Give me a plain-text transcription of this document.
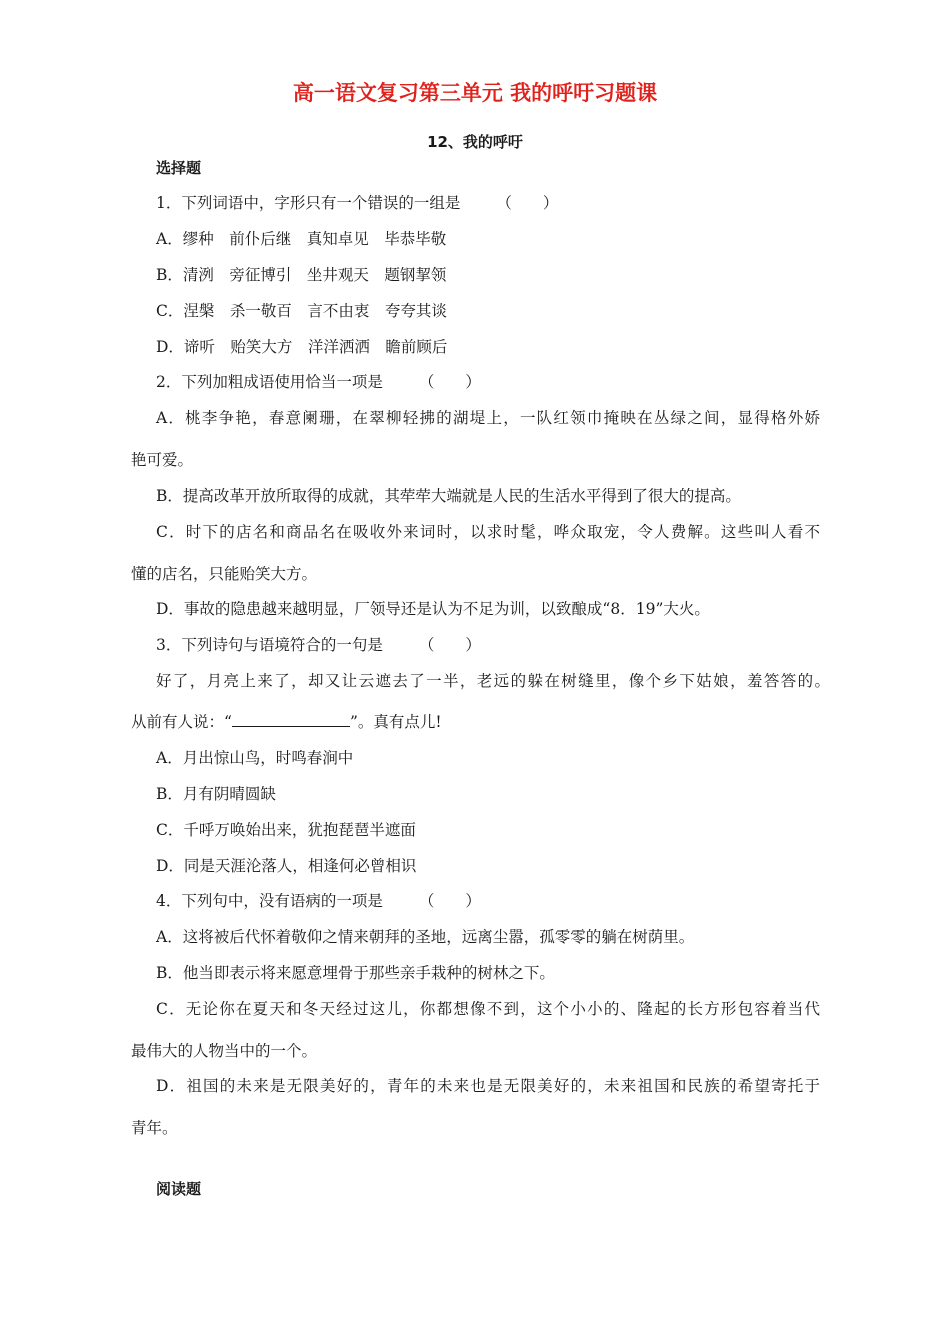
高一语文复习第三单元 我的呼吁习题课
12、我的呼吁
选择题
1．下列词语中，字形只有一个错误的一组是 （　　）
A．缪种　前仆后继　真知卓见　毕恭毕敬
B．清洌　旁征博引　坐井观天　题钢挈领
C．涅槃　杀一敬百　言不由衷　夸夸其谈
D．谛听　贻笑大方　洋洋洒洒　瞻前顾后
2．下列加粗成语使用恰当一项是 （　　）
A．桃李争艳，春意阑珊，在翠柳轻拂的湖堤上，一队红领巾掩映在丛绿之间，显得格外娇
艳可爱。
B．提高改革开放所取得的成就，其荦荦大端就是人民的生活水平得到了很大的提高。
C．时下的店名和商品名在吸收外来词时，以求时髦，哗众取宠，令人费解。这些叫人看不
懂的店名，只能贻笑大方。
D．事故的隐患越来越明显，厂领导还是认为不足为训，以致酿成“8．19”大火。
3．下列诗句与语境符合的一句是 （　　）
好了，月亮上来了，却又让云遮去了一半，老远的躲在树缝里，像个乡下姑娘，羞答答的。
从前有人说：“	”。真有点儿!
A．月出惊山鸟，时鸣春涧中
B．月有阴晴圆缺
C．千呼万唤始出来，犹抱琵琶半遮面
D．同是天涯沦落人，相逢何必曾相识
4．下列句中，没有语病的一项是 （　　）
A．这将被后代怀着敬仰之情来朝拜的圣地，远离尘嚣，孤零零的躺在树荫里。
B．他当即表示将来愿意埋骨于那些亲手栽种的树林之下。
C．无论你在夏天和冬天经过这儿，你都想像不到，这个小小的、隆起的长方形包容着当代
最伟大的人物当中的一个。
D．祖国的未来是无限美好的，青年的未来也是无限美好的，未来祖国和民族的希望寄托于
青年。
阅读题
